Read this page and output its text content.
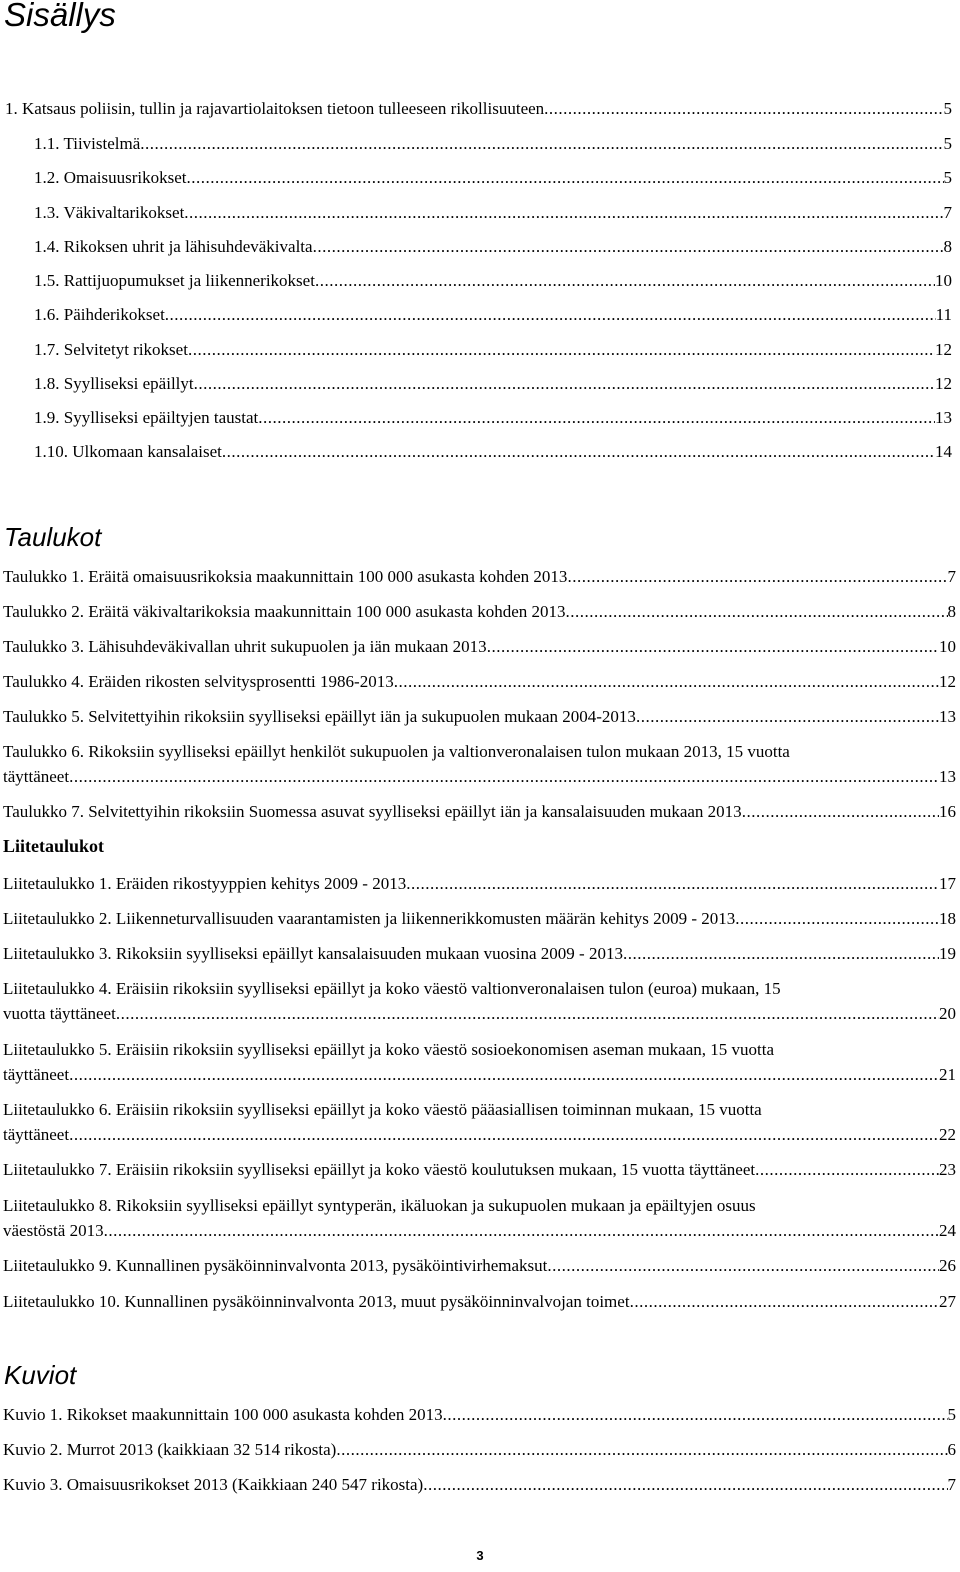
Sisällys
1. Katsaus poliisin, tullin ja rajavartiolaitoksen tietoon tulleeseen rikollisuuteen .....	5
1.1. Tiivistelmä .....	5
1.2. Omaisuusrikokset .....	5
1.3. Väkivaltarikokset .....	7
1.4. Rikoksen uhrit ja lähisuhdeväkivalta .....	8
1.5. Rattijuopumukset ja liikennerikokset .....	10
1.6. Päihderikokset .....	11
1.7. Selvitetyt rikokset .....	12
1.8. Syylliseksi epäillyt .....	12
1.9. Syylliseksi epäiltyjen taustat .....	13
1.10. Ulkomaan kansalaiset .....	14
Taulukot
Taulukko 1. Eräitä omaisuusrikoksia maakunnittain 100 000 asukasta kohden 2013 .....	7
Taulukko 2. Eräitä väkivaltarikoksia maakunnittain 100 000 asukasta kohden 2013 .....	8
Taulukko 3. Lähisuhdeväkivallan uhrit sukupuolen ja iän mukaan 2013 .....	10
Taulukko 4. Eräiden rikosten selvitysprosentti 1986-2013 .....	12
Taulukko 5. Selvitettyihin rikoksiin syylliseksi epäillyt iän ja sukupuolen mukaan 2004-2013 .....	13
Taulukko 6. Rikoksiin syylliseksi epäillyt henkilöt sukupuolen ja valtionveronalaisen tulon mukaan 2013, 15 vuotta
täyttäneet .....	13
Taulukko 7. Selvitettyihin rikoksiin Suomessa asuvat syylliseksi epäillyt iän ja kansalaisuuden mukaan 2013 .....	16
Liitetaulukot
Liitetaulukko 1. Eräiden rikostyyppien kehitys 2009 - 2013 .....	17
Liitetaulukko 2. Liikenneturvallisuuden vaarantamisten ja liikennerikkomusten määrän kehitys 2009 - 2013 .....	18
Liitetaulukko 3. Rikoksiin syylliseksi epäillyt kansalaisuuden mukaan vuosina 2009 - 2013 .....	19
Liitetaulukko 4. Eräisiin rikoksiin syylliseksi epäillyt ja koko väestö valtionveronalaisen tulon (euroa) mukaan, 15
vuotta täyttäneet .....	20
Liitetaulukko 5. Eräisiin rikoksiin syylliseksi epäillyt ja koko väestö sosioekonomisen aseman mukaan, 15 vuotta
täyttäneet .....	21
Liitetaulukko 6. Eräisiin rikoksiin syylliseksi epäillyt ja koko väestö pääasiallisen toiminnan mukaan, 15 vuotta
täyttäneet .....	22
Liitetaulukko 7. Eräisiin rikoksiin syylliseksi epäillyt ja koko väestö koulutuksen mukaan, 15 vuotta täyttäneet .....	23
Liitetaulukko 8. Rikoksiin syylliseksi epäillyt syntyperän, ikäluokan ja sukupuolen mukaan ja epäiltyjen osuus
väestöstä 2013 .....	24
Liitetaulukko 9. Kunnallinen pysäköinninvalvonta 2013, pysäköintivirhemaksut .....	26
Liitetaulukko 10. Kunnallinen pysäköinninvalvonta 2013, muut pysäköinninvalvojan toimet .....	27
Kuviot
Kuvio 1. Rikokset maakunnittain 100 000 asukasta kohden 2013 .....	5
Kuvio 2. Murrot 2013 (kaikkiaan 32 514 rikosta) .....	6
Kuvio 3. Omaisuusrikokset 2013 (Kaikkiaan 240 547 rikosta) .....	7
3
